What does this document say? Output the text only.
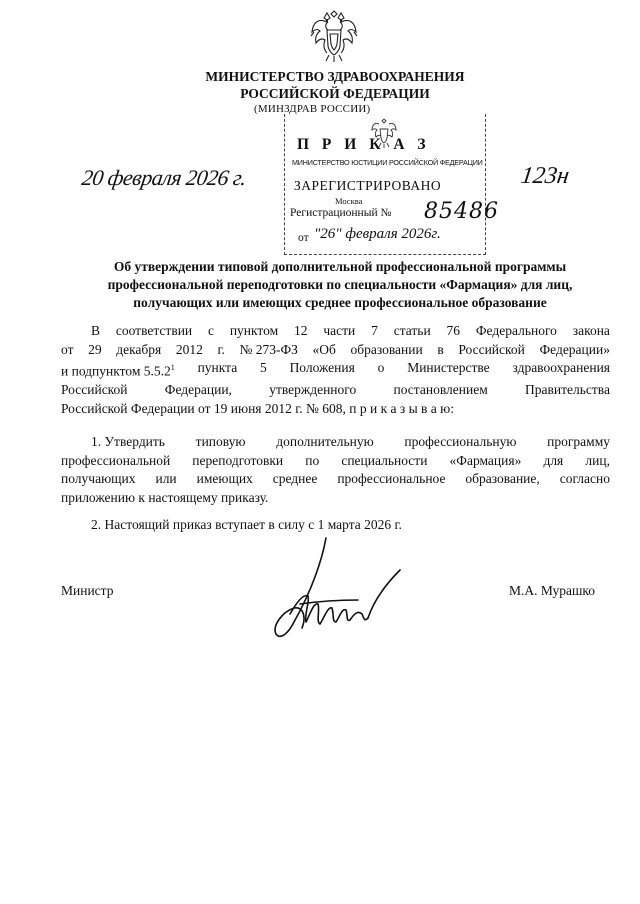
МИНИСТЕРСТВО ЗДРАВООХРАНЕНИЯ
РОССИЙСКОЙ ФЕДЕРАЦИИ
(МИНЗДРАВ РОССИИ)
П Р И К А З
МИНИСТЕРСТВО ЮСТИЦИИ РОССИЙСКОЙ ФЕДЕРАЦИИ
ЗАРЕГИСТРИРОВАНО
Москва
Регистрационный № 85486
от "26" февраля 2026г.
20 февраля 2026 г.	123н
Об утверждении типовой дополнительной профессиональной программы
профессиональной переподготовки по специальности «Фармация» для лиц,
получающих или имеющих среднее профессиональное образование
В соответствии с пунктом 12 части 7 статьи 76 Федерального закона
от 29 декабря 2012 г. № 273-ФЗ «Об образовании в Российской Федерации»
и подпунктом 5.5.2$^1$ пункта 5 Положения о Министерстве здравоохранения
Российской	Федерации,	утвержденного	постановлением	Правительства
Российской Федерации от 19 июня 2012 г. № 608, п р и к а з ы в а ю:
1. Утвердить типовую дополнительную профессиональную программу
профессиональной переподготовки по специальности «Фармация» для лиц,
получающих или имеющих среднее профессиональное образование, согласно
приложению к настоящему приказу.
2. Настоящий приказ вступает в силу с 1 марта 2026 г.
Министр	М.А. Мурашко
